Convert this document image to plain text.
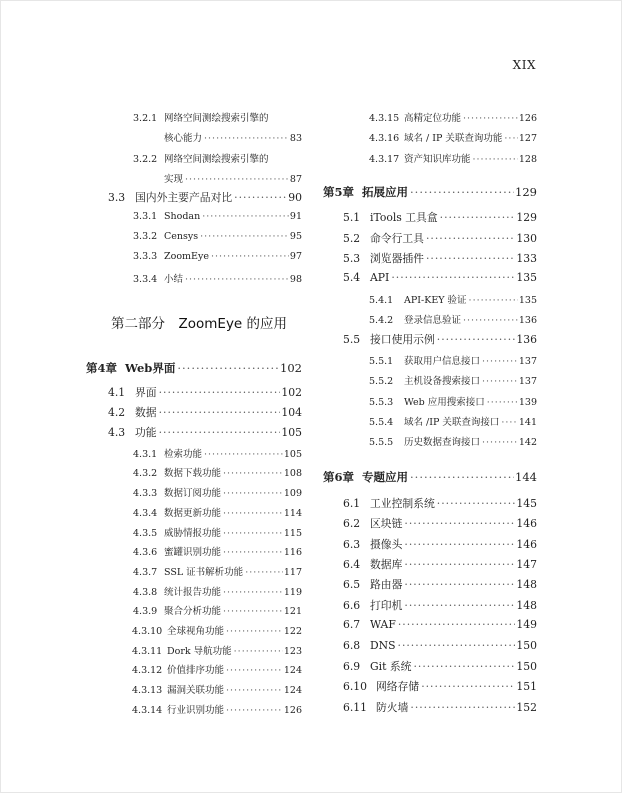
XIX
3.2.1 网络空间测绘搜索引擎的
核心能力 ·····	83
3.2.2 网络空间测绘搜索引擎的
实现 ·····	87
3.3 国内外主要产品对比 ·····	90
3.3.1 Shodan ·····	91
3.3.2 Censys ·····	95
3.3.3 ZoomEye ·····	97
3.3.4 小结 ·····	98
第二部分　ZoomEye 的应用
第4章 Web界面 ·····	102
4.1 界面 ·····	102
4.2 数据 ·····	104
4.3 功能 ·····	105
4.3.1 检索功能 ·····	105
4.3.2 数据下载功能 ·····	108
4.3.3 数据订阅功能 ·····	109
4.3.4 数据更新功能 ·····	114
4.3.5 威胁情报功能 ·····	115
4.3.6 蜜罐识别功能 ·····	116
4.3.7 SSL 证书解析功能 ·····	117
4.3.8 统计报告功能 ·····	119
4.3.9 聚合分析功能 ·····	121
4.3.10 全球视角功能 ·····	122
4.3.11 Dork 导航功能 ·····	123
4.3.12 价值排序功能 ·····	124
4.3.13 漏洞关联功能 ·····	124
4.3.14 行业识别功能 ·····	126
4.3.15 高精定位功能 ·····	126
4.3.16 域名 / IP 关联查询功能 ····· 127
4.3.17 资产知识库功能 ·····	128
第5章 拓展应用 ·····	129
5.1 iTools 工具盒 ·····	129
5.2 命令行工具 ·····	130
5.3 浏览器插件 ·····	133
5.4 API ·····	135
5.4.1	API-KEY 验证 ·····	135
5.4.2	登录信息验证 ·····	136
5.5 接口使用示例 ·····	136
5.5.1	获取用户信息接口 ·····	137
5.5.2	主机设备搜索接口 ·····	137
5.5.3	Web 应用搜索接口 ·····	139
5.5.4	域名 /IP 关联查询接口 ····· 141
5.5.5	历史数据查询接口 ·····	142
第6章 专题应用 ·····	144
6.1 工业控制系统 ·····	145
6.2 区块链 ·····	146
6.3 摄像头 ·····	146
6.4 数据库 ·····	147
6.5 路由器 ·····	148
6.6 打印机 ·····	148
6.7 WAF ·····	149
6.8 DNS ·····	150
6.9 Git 系统 ·····	150
6.10 网络存储 ·····	151
6.11 防火墙 ·····	152
